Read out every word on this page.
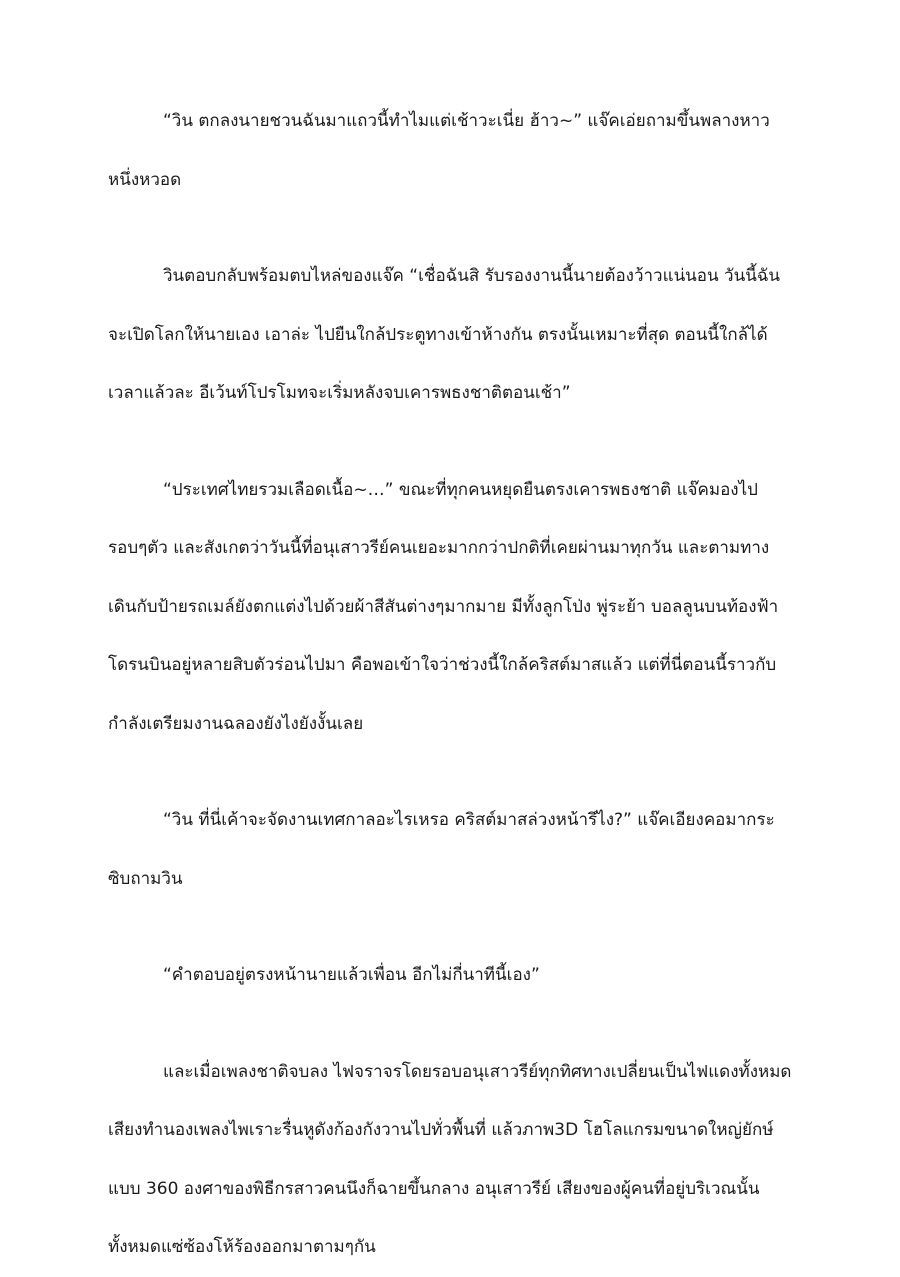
“วิน ตกลงนายชวนฉันมาแถวนี้ทำไมแต่เช้าวะเนี่ย ฮ้าว~” แจ๊คเอ่ยถามขึ้นพลางหาวหนึ่งหวอด

วินตอบกลับพร้อมตบไหล่ของแจ๊ค “เชื่อฉันสิ รับรองงานนี้นายต้องว้าวแน่นอน วันนี้ฉันจะเปิดโลกให้นายเอง เอาล่ะ ไปยืนใกล้ประตูทางเข้าห้างกัน ตรงนั้นเหมาะที่สุด ตอนนี้ใกล้ได้เวลาแล้วละ อีเว้นท์โปรโมทจะเริ่มหลังจบเคารพธงชาติตอนเช้า”

“ประเทศไทยรวมเลือดเนื้อ~…” ขณะที่ทุกคนหยุดยืนตรงเคารพธงชาติ แจ๊คมองไปรอบๆตัว และสังเกตว่าวันนี้ที่อนุเสาวรีย์คนเยอะมากกว่าปกติที่เคยผ่านมาทุกวัน และตามทางเดินกับป้ายรถเมล์ยังตกแต่งไปด้วยผ้าสีสันต่างๆมากมาย มีทั้งลูกโป่ง พู่ระย้า บอลลูนบนท้องฟ้า โดรนบินอยู่หลายสิบตัวร่อนไปมา คือพอเข้าใจว่าช่วงนี้ใกล้คริสต์มาสแล้ว แต่ที่นี่ตอนนี้ราวกับกำลังเตรียมงานฉลองยังไงยังงั้นเลย

“วิน ที่นี่เค้าจะจัดงานเทศกาลอะไรเหรอ คริสต์มาสล่วงหน้ารึไง?” แจ๊คเอียงคอมากระซิบถามวิน

“คำตอบอยู่ตรงหน้านายแล้วเพื่อน อีกไม่กี่นาทีนี้เอง”

และเมื่อเพลงชาติจบลง ไฟจราจรโดยรอบอนุเสาวรีย์ทุกทิศทางเปลี่ยนเป็นไฟแดงทั้งหมด เสียงทำนองเพลงไพเราะรื่นหูดังก้องกังวานไปทั่วพื้นที่ แล้วภาพ3D โฮโลแกรมขนาดใหญ่ยักษ์แบบ 360 องศาของพิธีกรสาวคนนึงก็ฉายขึ้นกลาง อนุเสาวรีย์ เสียงของผู้คนที่อยู่บริเวณนั้นทั้งหมดแซ่ซ้องโห้ร้องออกมาตามๆกัน
